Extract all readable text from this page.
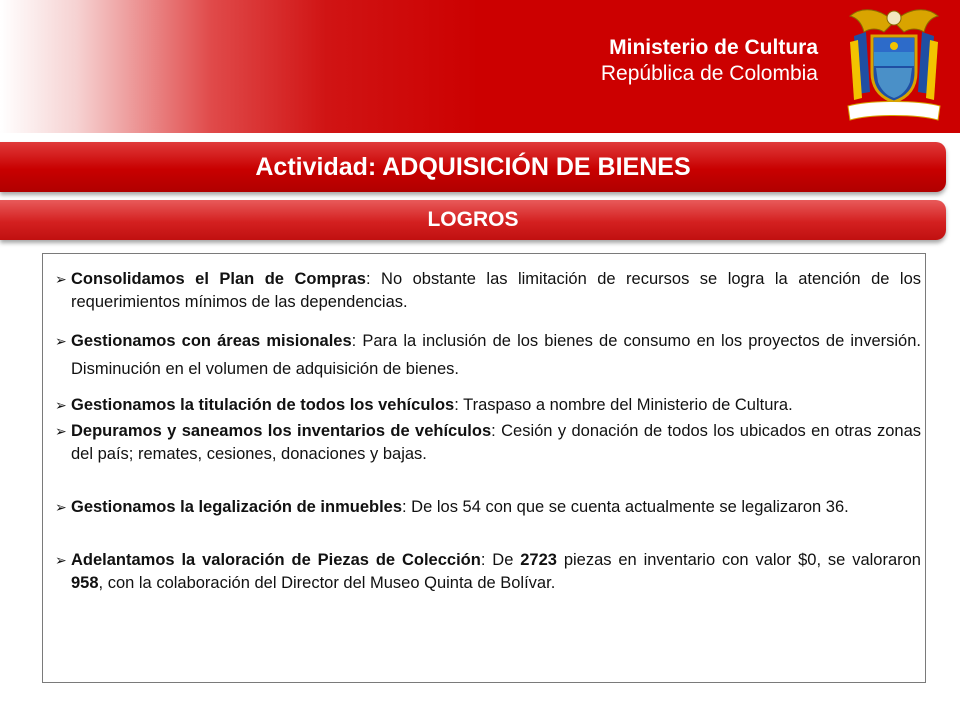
Ministerio de Cultura
República de Colombia
Actividad: ADQUISICIÓN DE BIENES
LOGROS
➢ Consolidamos el Plan de Compras: No obstante las limitación de recursos se logra la atención de los requerimientos mínimos de las dependencias.
➢ Gestionamos con áreas misionales: Para la inclusión de los bienes de consumo en los proyectos de inversión. Disminución en el volumen de adquisición de bienes.
➢ Gestionamos la titulación de todos los vehículos: Traspaso a nombre del Ministerio de Cultura.
➢ Depuramos y saneamos los inventarios de vehículos: Cesión y donación de todos los ubicados en otras zonas del país; remates, cesiones, donaciones y bajas.
➢ Gestionamos la legalización de inmuebles: De los 54 con que se cuenta actualmente se legalizaron 36.
➢ Adelantamos la valoración de Piezas de Colección: De 2723 piezas en inventario con valor $0, se valoraron 958, con la colaboración del Director del Museo Quinta de Bolívar.
